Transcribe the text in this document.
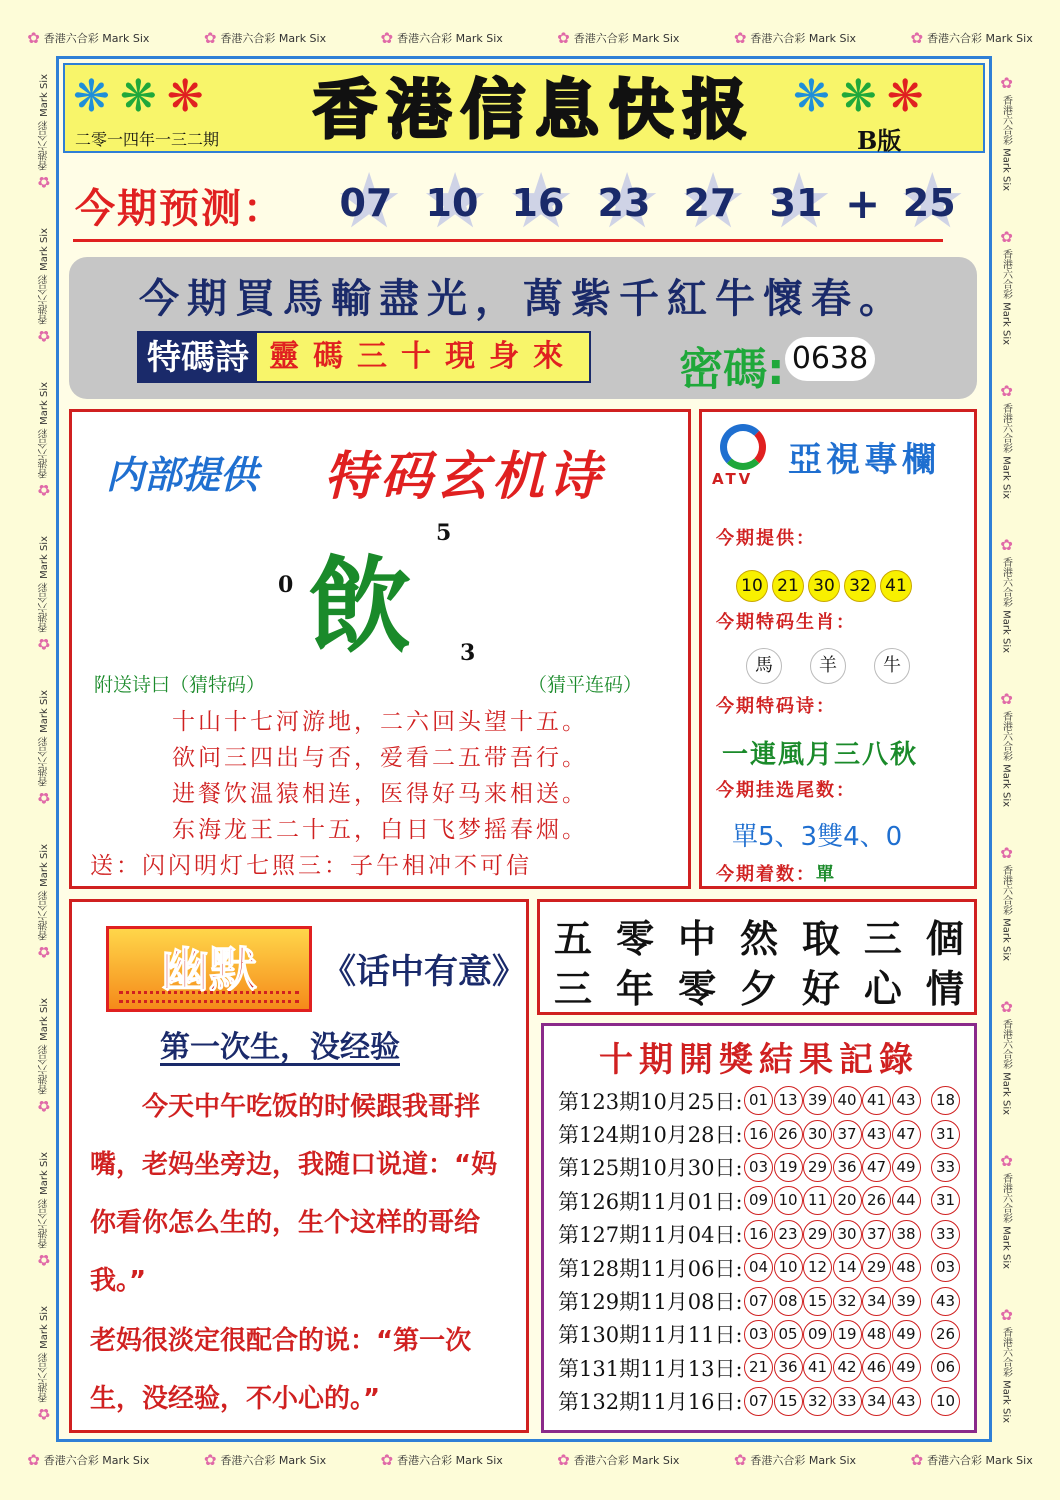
✿ 香港六合彩 Mark Six	✿ 香港六合彩 Mark Six	✿ 香港六合彩 Mark Six	✿ 香港六合彩 Mark Six	✿ 香港六合彩 Mark Six	✿ 香港六合彩 Mark Six
✿ 香港六合彩 Mark Six	✿ 香港六合彩 Mark Six	✿ 香港六合彩 Mark Six	✿ 香港六合彩 Mark Six	✿ 香港六合彩 Mark Six	✿ 香港六合彩 Mark Six
✿
香港六合彩 Mark Six
✿
香港六合彩 Mark Six
✿
香港六合彩 Mark Six
✿
香港六合彩 Mark Six
✿
香港六合彩 Mark Six
✿
香港六合彩 Mark Six
✿
香港六合彩 Mark Six
✿
香港六合彩 Mark Six
✿
香港六合彩 Mark Six
✿
香港六合彩 Mark Six
✿
香港六合彩 Mark Six
✿
香港六合彩 Mark Six
✿
香港六合彩 Mark Six
✿
香港六合彩 Mark Six
✿
香港六合彩 Mark Six
✿
香港六合彩 Mark Six
✿
香港六合彩 Mark Six
✿
香港六合彩 Mark Six
❋❋❋
二零一四年一三二期 香港信息快报 ❋❋❋
B版
今期预测： ★ 07 ★ 10 ★ 16 ★ 23 ★ 27 ★ 31 + ★ 25
今期買馬輸盡光，萬紫千紅牛懷春。
特碼詩 靈碼三十現身來 密碼: 0638
内部提供 特码玄机诗
飲
5
0
3
附送诗曰（猜特码）	（猜平连码）
十山十七河游地，二六回头望十五。
欲问三四岀与否，爱看二五带吾行。
进餐饮温猿相连，医得好马来相送。
东海龙王二十五，白日飞梦摇春烟。
送：闪闪明灯七照三：子午相冲不可信
ATV 亞視專欄
今期提供：
10 21 30 32 41
今期特码生肖：
馬	羊	牛
今期特码诗：
一連風月三八秋
今期挂选尾数：
單5、3雙4、0
今期着数：單
幽默	《话中有意》
第一次生，没经验
今天中午吃饭的时候跟我哥拌嘴，老妈坐旁边，我随口说道：“妈你看你怎么生的，生个这样的哥给我。”
老妈很淡定很配合的说：“第一次生，没经验，不小心的。”
五 零 中 然 取 三 個
三 年 零 夕 好 心 情
十期開獎結果記錄
第123期10月25日: 01 13 39 40 41 43	18
第124期10月28日: 16 26 30 37 43 47	31
第125期10月30日: 03 19 29 36 47 49	33
第126期11月01日: 09 10 11 20 26 44	31
第127期11月04日: 16 23 29 30 37 38	33
第128期11月06日: 04 10 12 14 29 48	03
第129期11月08日: 07 08 15 32 34 39	43
第130期11月11日: 03 05 09 19 48 49	26
第131期11月13日: 21 36 41 42 46 49	06
第132期11月16日: 07 15 32 33 34 43	10
